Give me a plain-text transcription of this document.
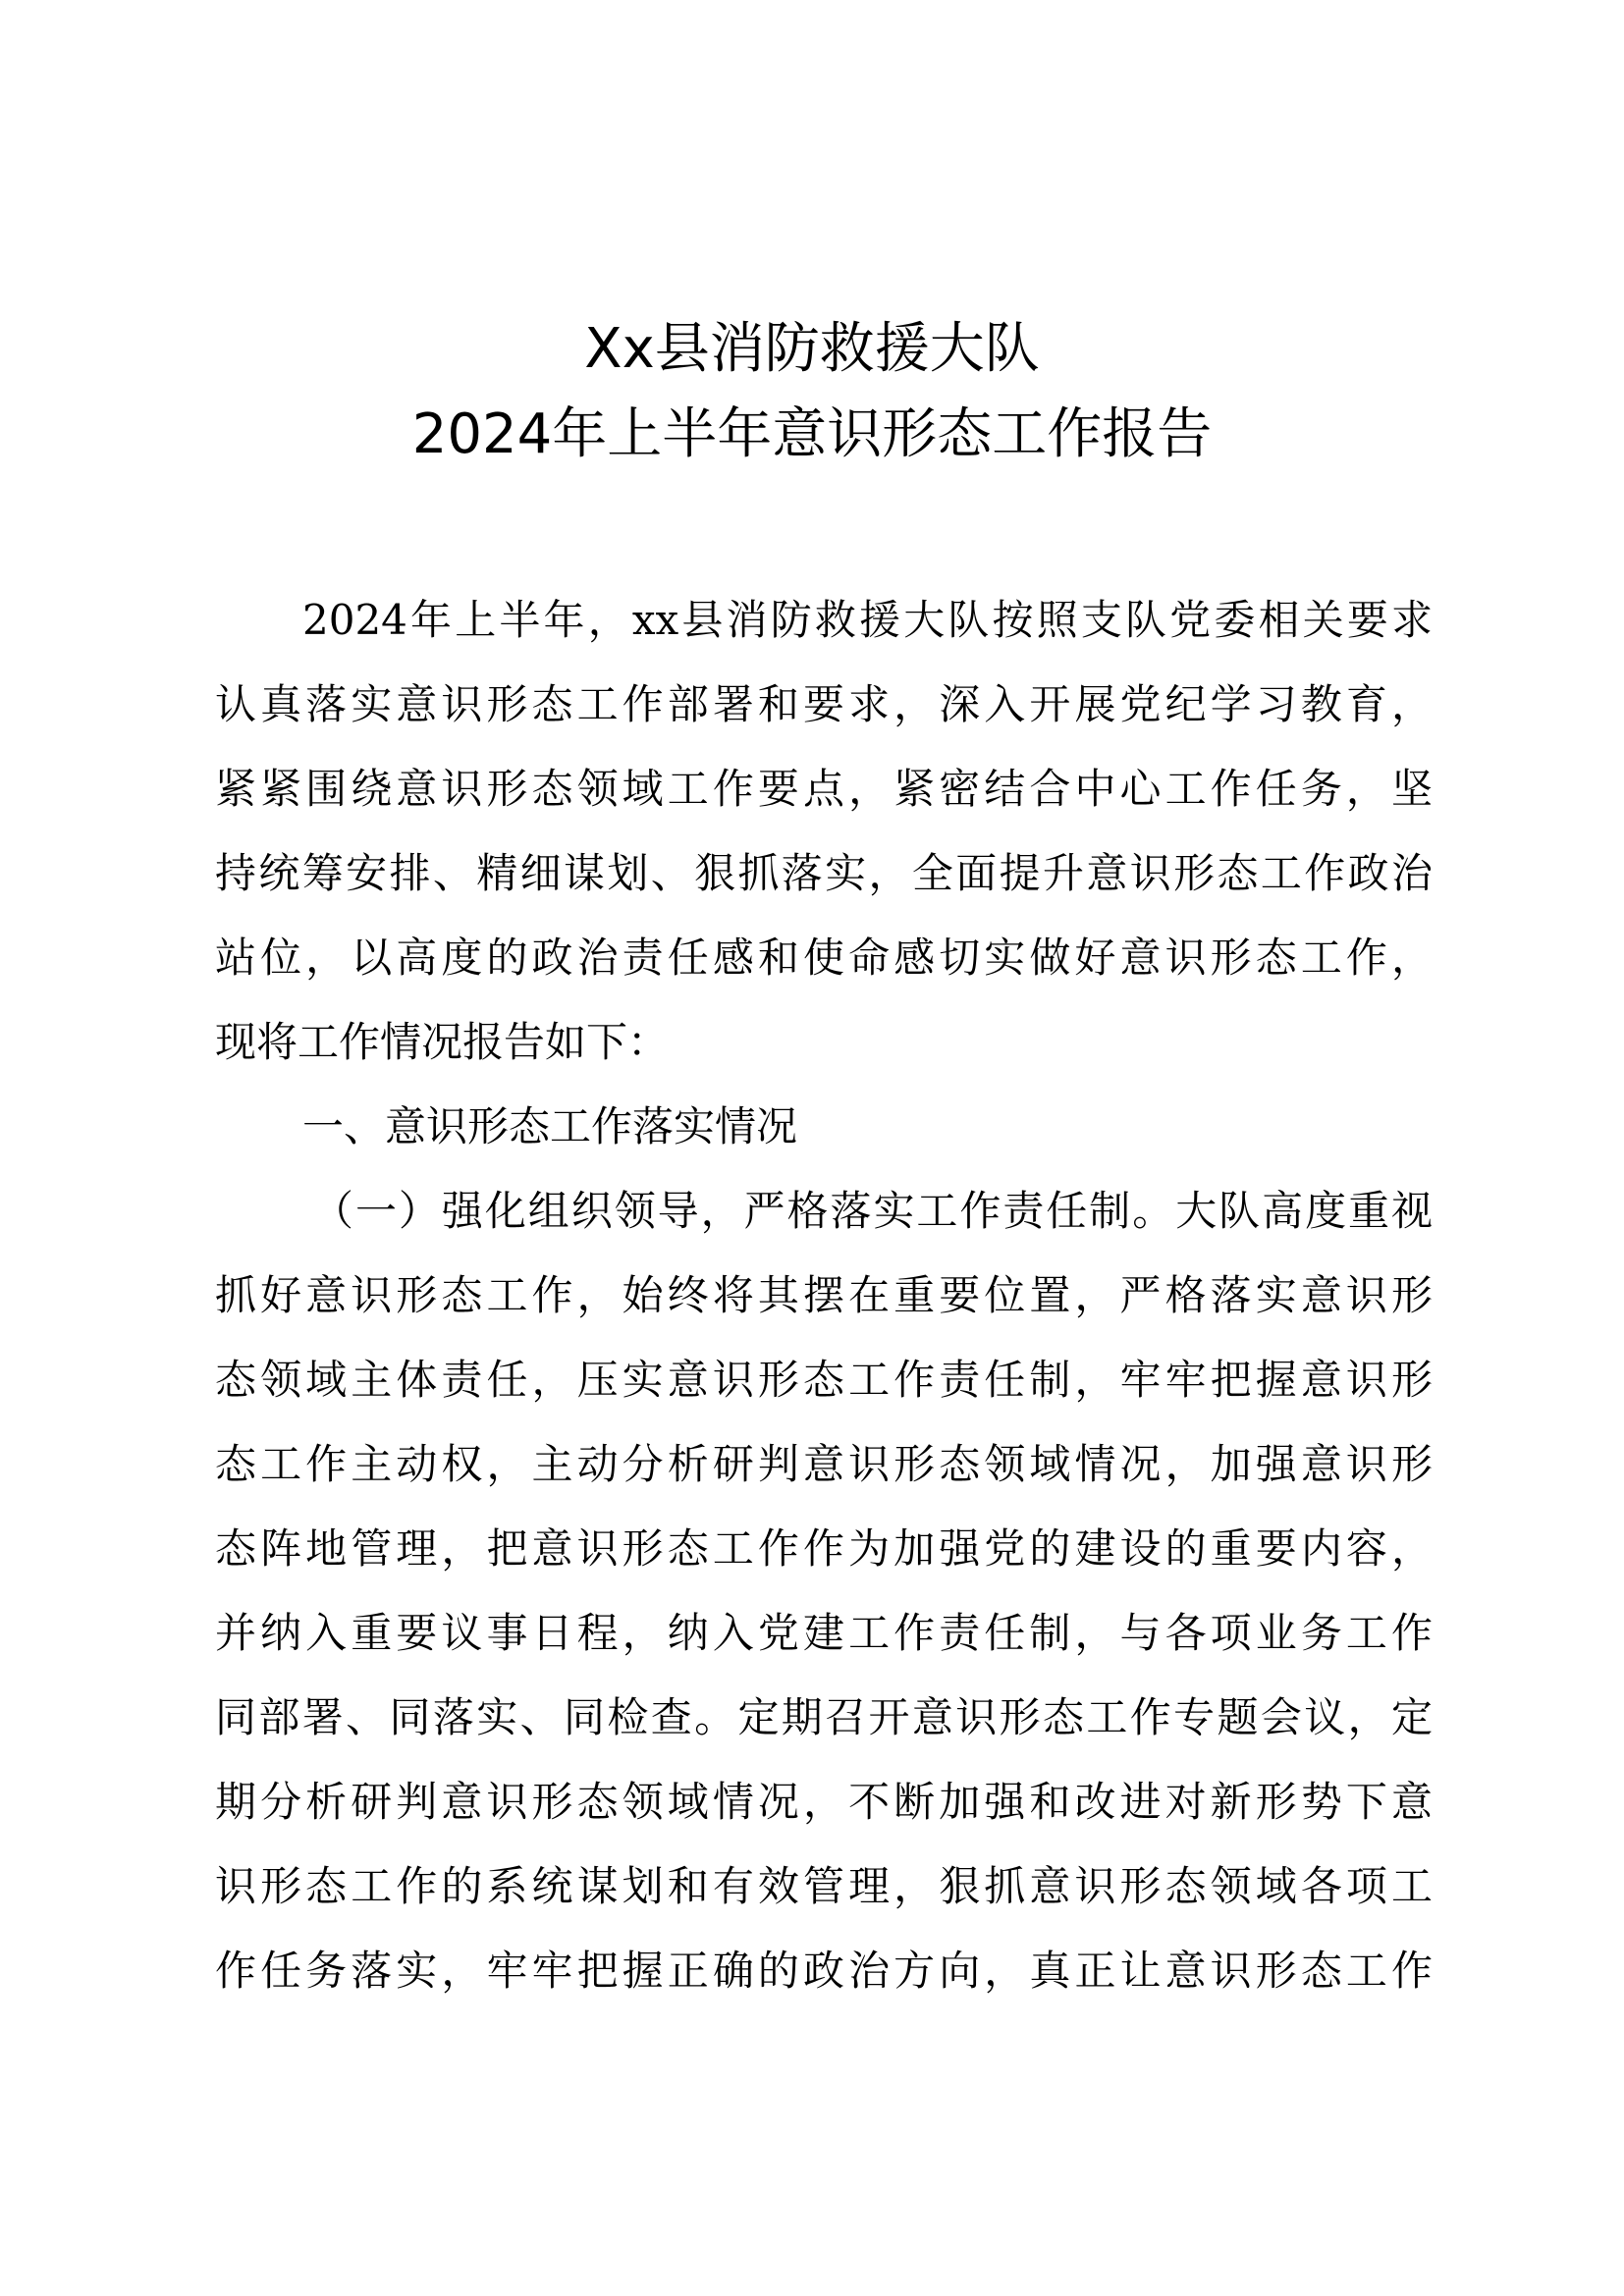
Xx县消防救援大队
2024年上半年意识形态工作报告
2024年上半年，xx县消防救援大队按照支队党委相关要求
认真落实意识形态工作部署和要求，深入开展党纪学习教育，
紧紧围绕意识形态领域工作要点，紧密结合中心工作任务，坚
持统筹安排、精细谋划、狠抓落实，全面提升意识形态工作政治
站位，以高度的政治责任感和使命感切实做好意识形态工作，
现将工作情况报告如下：
一、意识形态工作落实情况
（一）强化组织领导，严格落实工作责任制。大队高度重视
抓好意识形态工作，始终将其摆在重要位置，严格落实意识形
态领域主体责任，压实意识形态工作责任制，牢牢把握意识形
态工作主动权，主动分析研判意识形态领域情况，加强意识形
态阵地管理，把意识形态工作作为加强党的建设的重要内容，
并纳入重要议事日程，纳入党建工作责任制，与各项业务工作
同部署、同落实、同检查。定期召开意识形态工作专题会议，定
期分析研判意识形态领域情况，不断加强和改进对新形势下意
识形态工作的系统谋划和有效管理，狠抓意识形态领域各项工
作任务落实，牢牢把握正确的政治方向，真正让意识形态工作
